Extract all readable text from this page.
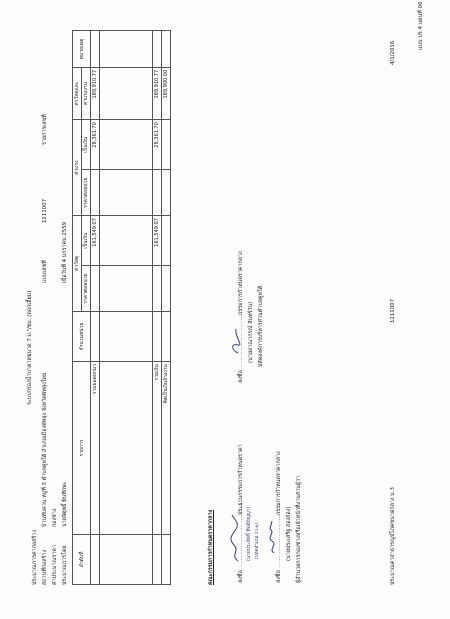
แบบ ปร.4 แผ่นที่ 06
ประมาณการค่าก่อสร้าง
ระบบกรองน้ำบาดาลขนาด 7 ม.³/ชม. (ดอกเอี้ยม)
สถานที่ก่อสร้าง
บ้านทับควน หมู่ที่ 3 ตำบลคูหใต้ อำเภอเมืองพัทลุง จังหวัดพัทลุงใหม่
แบบเลขที่
1211007
รายการเลขที่
ค่าประมาณราคา
กองช่าง
ประมาณการโดย
นายจิตุทธิ์ พินทิกษะ
เมื่อวันที่ 4 มกราคม 2559
ลำดับที่	รายการ	จำนวนหน่วย	ค่าวัสดุ		ค่าแรง		ค่าวัสดุและ	หมายเหตุ
			ราคาต่อหน่วย	เป็นเงิน	ราคาต่อหน่วย	เป็นเงิน	ค่าแรงงาน	
	รวมยอดยกมา			161,549.07		28,361.70	189,910.77	

	รวมเงิน			161,549.07		28,361.70	189,910.77	
	คิดเป็นเงินจ้างงาน						189,900.00	
คณะกรรมการกำหนดราคากลาง	ลงชื่อ
...............................
ประธานกรรมการกำหนดราคา
(นายประสิทธิ์ ทิพย์ปัญญา) (ปลัดอำเภอ วว.๑)
ลงชื่อ
...............................
กรรมการกำหนดราคากลาง
(นายประเสริฐ สองส่อง) ผู้อำนวยการกองช่างหรือเจ้าหน้าที่งานส่วนผู้ว่า
ลงชื่อ
..........................
กรรมการกำหนดราคากลาง
(นายอาณากรณ์ จันทร์วัน) ปลัดองค์การบริหารส่วนตำบลคูหใต้
ประมาณค่าสาธารณูปโภคขนาดกลาง ม.3
1211007
4/1/2016
